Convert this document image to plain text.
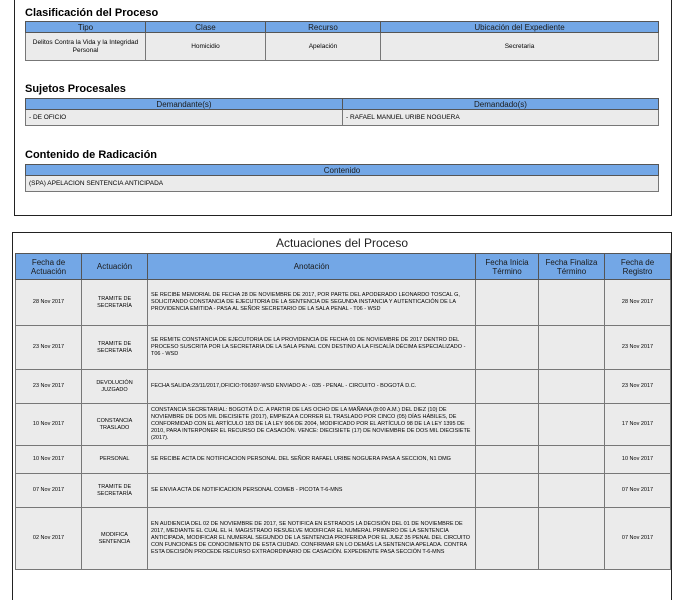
Clasificación del Proceso
Tipo	Clase	Recurso	Ubicación del Expediente
Delitos Contra la Vida y la Integridad Personal	Homicidio	Apelación	Secretaria
Sujetos Procesales
Demandante(s)	Demandado(s)
- DE OFICIO	- RAFAEL MANUEL URIBE NOGUERA
Contenido de Radicación
Contenido
(SPA) APELACION SENTENCIA ANTICIPADA
Actuaciones del Proceso
Fecha de Actuación	Actuación	Anotación	Fecha Inicia Término	Fecha Finaliza Término	Fecha de Registro
28 Nov 2017	TRAMITE DE SECRETARÍA	SE RECIBE MEMORIAL DE FECHA 28 DE NOVIEMBRE DE 2017, POR PARTE DEL APODERADO LEONARDO TOSCAL G, SOLICITANDO CONSTANCIA DE EJECUTORIA DE LA SENTENCIA DE SEGUNDA INSTANCIA Y AUTENTICACIÓN DE LA PROVIDENCIA EMITIDA - PASA AL SEÑOR SECRETARIO DE LA SALA PENAL - T06 - WSD			28 Nov 2017
23 Nov 2017	TRAMITE DE SECRETARÍA	SE REMITE CONSTANCIA DE EJECUTORIA DE LA PROVIDENCIA DE FECHA 01 DE NOVIEMBRE DE 2017 DENTRO DEL PROCESO SUSCRITA POR LA SECRETARIA DE LA SALA PENAL CON DESTINO A LA FISCALÍA DÉCIMA ESPECIALIZADO - T06 - WSD			23 Nov 2017
23 Nov 2017	DEVOLUCIÓN JUZGADO	FECHA SALIDA:23/11/2017,OFICIO:T06397-WSD ENVIADO A: - 035 - PENAL - CIRCUITO - BOGOTÁ D.C.			23 Nov 2017
10 Nov 2017	CONSTANCIA TRASLADO	CONSTANCIA SECRETARIAL: BOGOTÁ D.C. A PARTIR DE LAS OCHO DE LA MAÑANA (8:00 A.M.) DEL DIEZ (10) DE NOVIEMBRE DE DOS MIL DIECISIETE (2017), EMPIEZA A CORRER EL TRASLADO POR CINCO (05) DÍAS HÁBILES, DE CONFORMIDAD CON EL ARTÍCULO 183 DE LA LEY 906 DE 2004, MODIFICADO POR EL ARTÍCULO 98 DE LA LEY 1395 DE 2010, PARA INTERPONER EL RECURSO DE CASACIÓN. VENCE: DIECISIETE (17) DE NOVIEMBRE DE DOS MIL DIECISIETE (2017).			17 Nov 2017
10 Nov 2017	PERSONAL	SE RECIBE ACTA DE NOTIFICACION PERSONAL DEL SEÑOR RAFAEL URIBE NOGUERA PASA A SECCION, N1 DMG			10 Nov 2017
07 Nov 2017	TRAMITE DE SECRETARÍA	SE ENVIA ACTA DE NOTIFICACION PERSONAL COMEB - PICOTA T-6-MNS			07 Nov 2017
02 Nov 2017	MODIFICA SENTENCIA	EN AUDIENCIA DEL 02 DE NOVIEMBRE DE 2017, SE NOTIFICA EN ESTRADOS LA DECISIÓN DEL 01 DE NOVIEMBRE DE 2017, MEDIANTE EL CUAL EL H. MAGISTRADO RESUELVE MODIFICAR EL NUMERAL PRIMERO DE LA SENTENCIA ANTICIPADA, MODIFICAR EL NUMERAL SEGUNDO DE LA SENTENCIA PROFERIDA POR EL JUEZ 35 PENAL DEL CIRCUITO CON FUNCIONES DE CONOCIMIENTO DE ESTA CIUDAD. CONFIRMAR EN LO DEMÁS LA SENTENCIA APELADA. CONTRA ESTA DECISIÓN PROCEDE RECURSO EXTRAORDINARIO DE CASACIÓN. EXPEDIENTE PASA SECCIÓN T-6-MNS			07 Nov 2017
